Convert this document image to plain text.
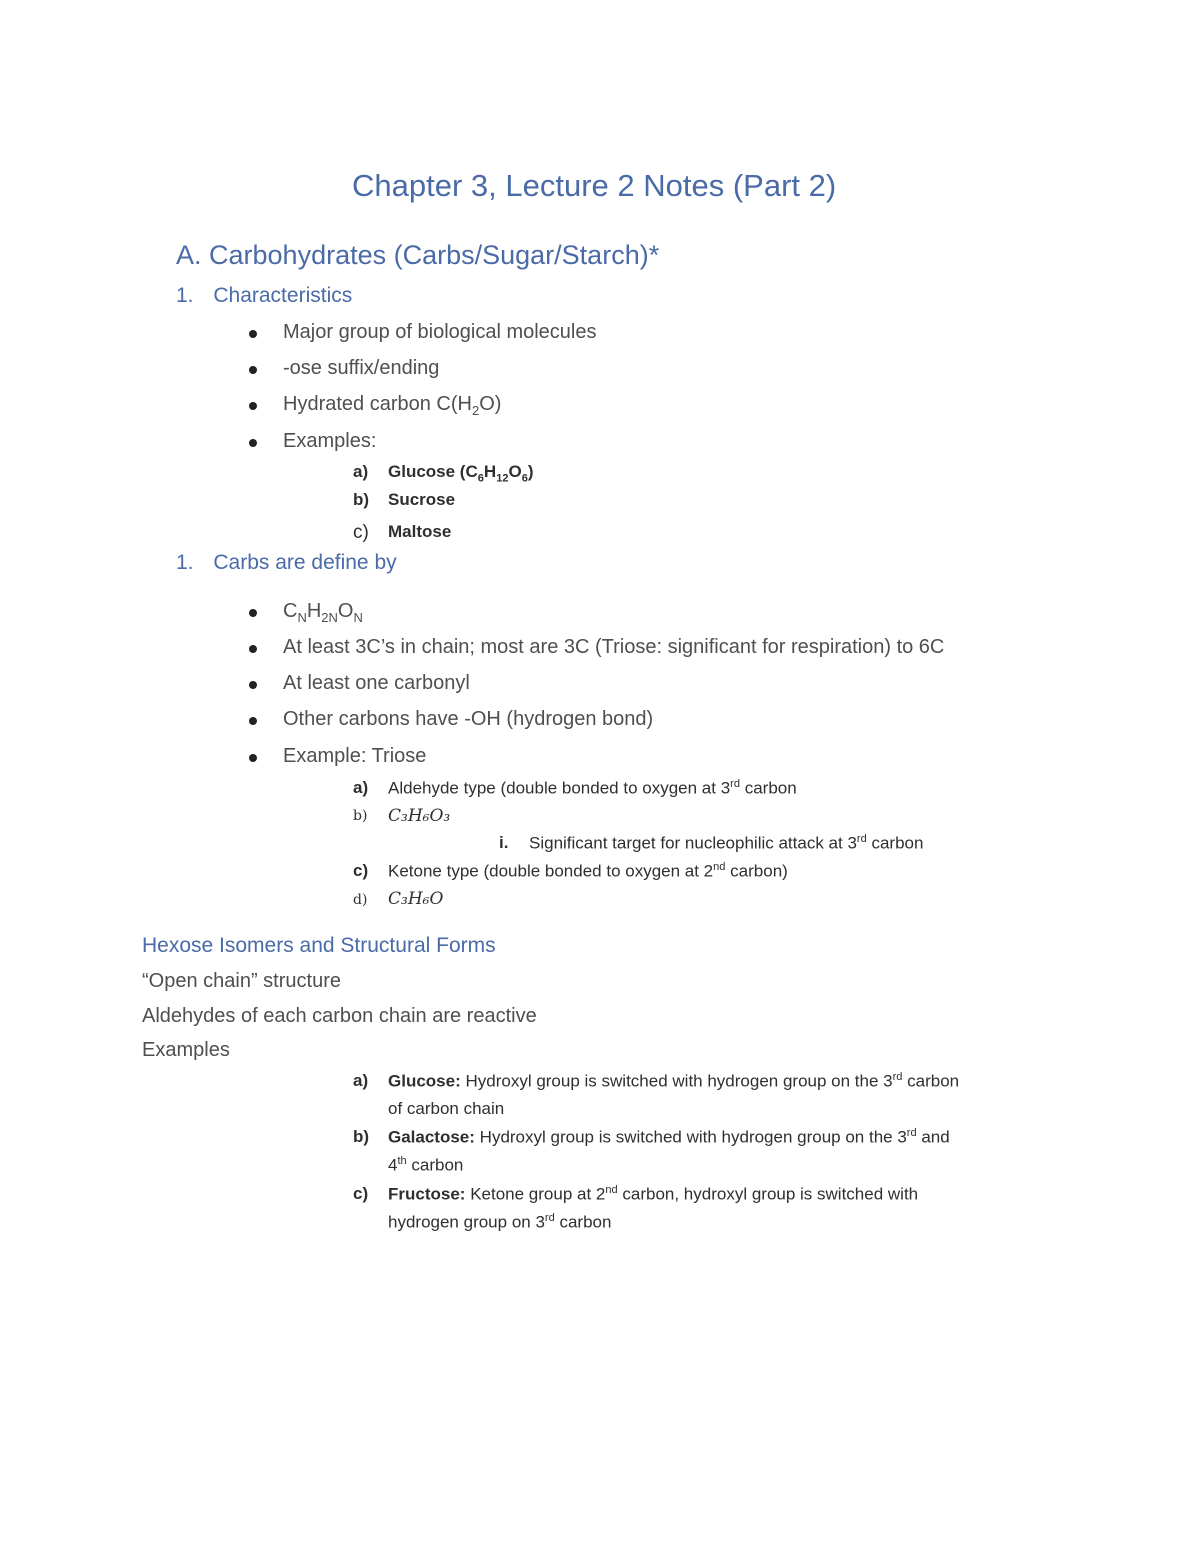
Chapter 3, Lecture 2 Notes (Part 2)
A. Carbohydrates (Carbs/Sugar/Starch)*
1. Characteristics
Major group of biological molecules
-ose suffix/ending
Hydrated carbon $C(H_2O)$
Examples:
a) Glucose $(C_6H_{12}O_6)$
b) Sucrose
c) Maltose
1. Carbs are define by
$C_NH_{2N}O_N$
At least 3C’s in chain; most are 3C (Triose: significant for respiration) to 6C
At least one carbonyl
Other carbons have -OH (hydrogen bond)
Example: Triose
a) Aldehyde type (double bonded to oxygen at 3rd carbon
b) C₃H₆O₃
i. Significant target for nucleophilic attack at 3rd carbon
c) Ketone type (double bonded to oxygen at 2nd carbon)
d) C₃H₆O
Hexose Isomers and Structural Forms
“Open chain” structure
Aldehydes of each carbon chain are reactive
Examples
a) Glucose: Hydroxyl group is switched with hydrogen group on the 3rd carbon
of carbon chain
b) Galactose: Hydroxyl group is switched with hydrogen group on the 3rd and
4th carbon
c) Fructose: Ketone group at 2nd carbon, hydroxyl group is switched with
hydrogen group on 3rd carbon
